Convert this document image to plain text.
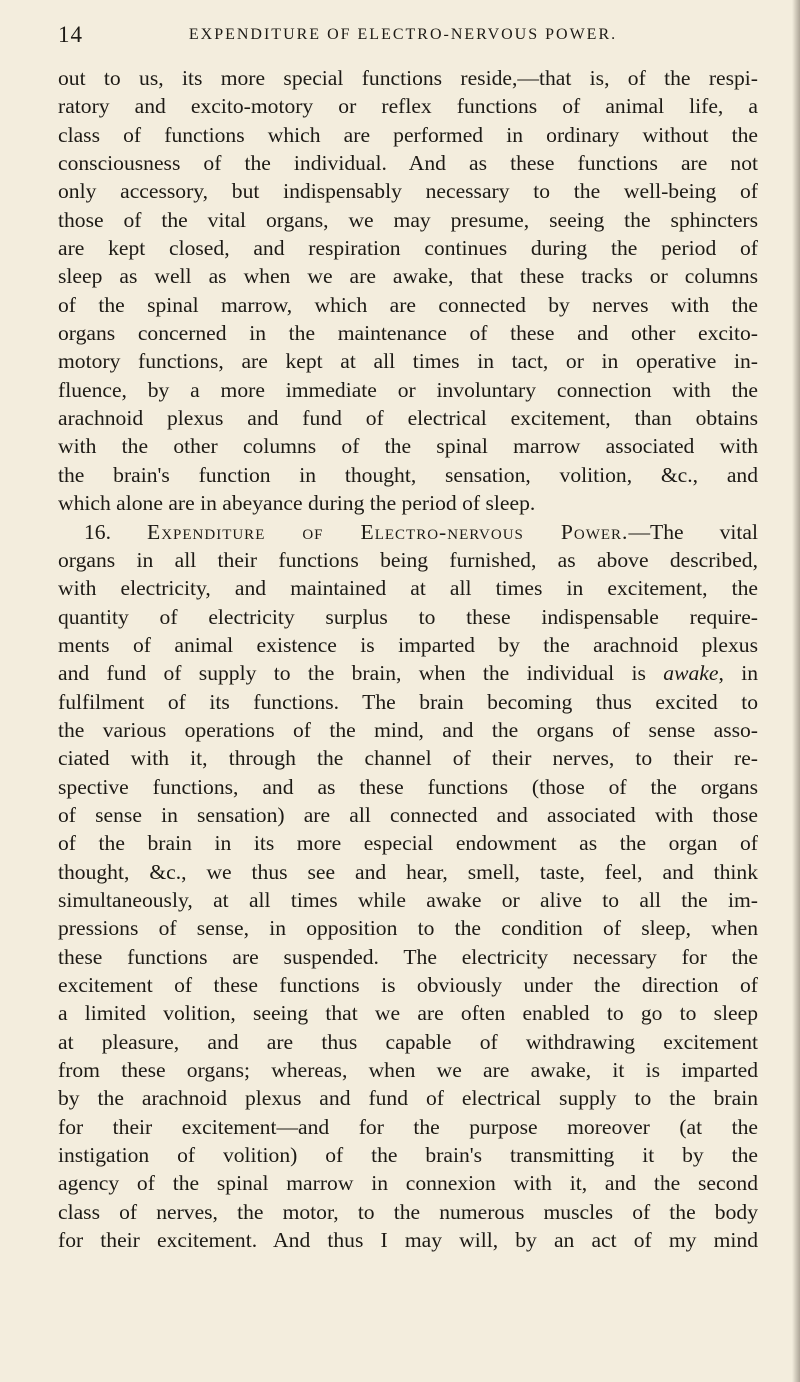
14	EXPENDITURE OF ELECTRO-NERVOUS POWER.
out to us, its more special functions reside,—that is, of the respi-
ratory and excito-motory or reflex functions of animal life, a
class of functions which are performed in ordinary without the
consciousness of the individual. And as these functions are not
only accessory, but indispensably necessary to the well-being of
those of the vital organs, we may presume, seeing the sphincters
are kept closed, and respiration continues during the period of
sleep as well as when we are awake, that these tracks or columns
of the spinal marrow, which are connected by nerves with the
organs concerned in the maintenance of these and other excito-
motory functions, are kept at all times in tact, or in operative in-
fluence, by a more immediate or involuntary connection with the
arachnoid plexus and fund of electrical excitement, than obtains
with the other columns of the spinal marrow associated with
the brain's function in thought, sensation, volition, &c., and
which alone are in abeyance during the period of sleep.
16. Expenditure of Electro-nervous Power.—The vital
organs in all their functions being furnished, as above described,
with electricity, and maintained at all times in excitement, the
quantity of electricity surplus to these indispensable require-
ments of animal existence is imparted by the arachnoid plexus
and fund of supply to the brain, when the individual is awake, in
fulfilment of its functions. The brain becoming thus excited to
the various operations of the mind, and the organs of sense asso-
ciated with it, through the channel of their nerves, to their re-
spective functions, and as these functions (those of the organs
of sense in sensation) are all connected and associated with those
of the brain in its more especial endowment as the organ of
thought, &c., we thus see and hear, smell, taste, feel, and think
simultaneously, at all times while awake or alive to all the im-
pressions of sense, in opposition to the condition of sleep, when
these functions are suspended. The electricity necessary for the
excitement of these functions is obviously under the direction of
a limited volition, seeing that we are often enabled to go to sleep
at pleasure, and are thus capable of withdrawing excitement
from these organs; whereas, when we are awake, it is imparted
by the arachnoid plexus and fund of electrical supply to the brain
for their excitement—and for the purpose moreover (at the
instigation of volition) of the brain's transmitting it by the
agency of the spinal marrow in connexion with it, and the second
class of nerves, the motor, to the numerous muscles of the body
for their excitement. And thus I may will, by an act of my mind
